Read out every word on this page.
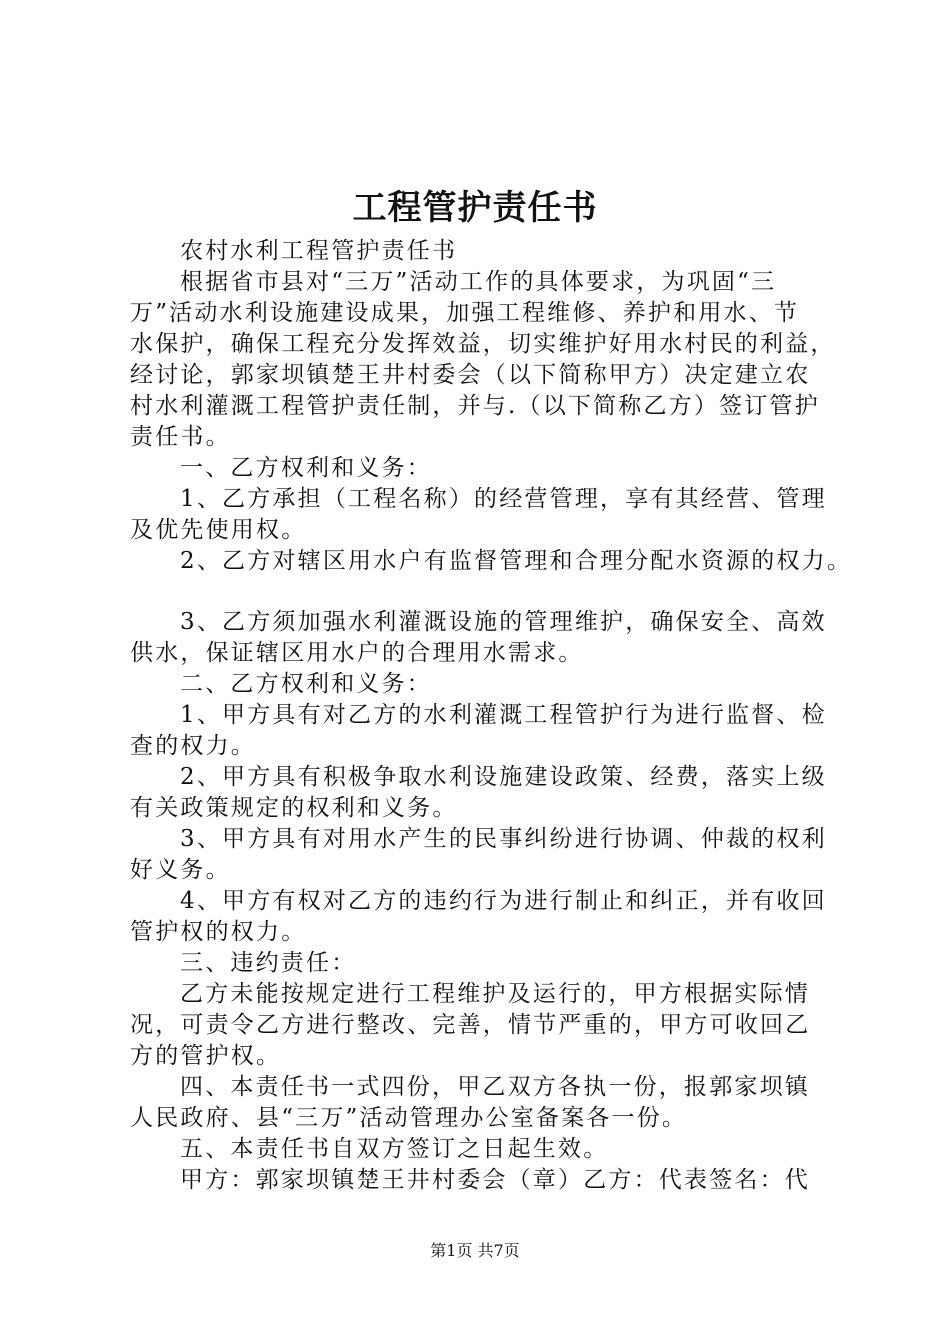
工程管护责任书
农村水利工程管护责任书
根据省市县对“三万”活动工作的具体要求，为巩固“三
万”活动水利设施建设成果，加强工程维修、养护和用水、节
水保护，确保工程充分发挥效益，切实维护好用水村民的利益，
经讨论，郭家坝镇楚王井村委会（以下简称甲方）决定建立农
村水利灌溉工程管护责任制，并与.（以下简称乙方）签订管护
责任书。
一、乙方权利和义务：
1、乙方承担（工程名称）的经营管理，享有其经营、管理
及优先使用权。
2、乙方对辖区用水户有监督管理和合理分配水资源的权力。
3、乙方须加强水利灌溉设施的管理维护，确保安全、高效
供水，保证辖区用水户的合理用水需求。
二、乙方权利和义务：
1、甲方具有对乙方的水利灌溉工程管护行为进行监督、检
查的权力。
2、甲方具有积极争取水利设施建设政策、经费，落实上级
有关政策规定的权利和义务。
3、甲方具有对用水产生的民事纠纷进行协调、仲裁的权利
好义务。
4、甲方有权对乙方的违约行为进行制止和纠正，并有收回
管护权的权力。
三、违约责任：
乙方未能按规定进行工程维护及运行的，甲方根据实际情
况，可责令乙方进行整改、完善，情节严重的，甲方可收回乙
方的管护权。
四、本责任书一式四份，甲乙双方各执一份，报郭家坝镇
人民政府、县“三万”活动管理办公室备案各一份。
五、本责任书自双方签订之日起生效。
甲方：郭家坝镇楚王井村委会（章）乙方：代表签名：代
第1页 共7页
